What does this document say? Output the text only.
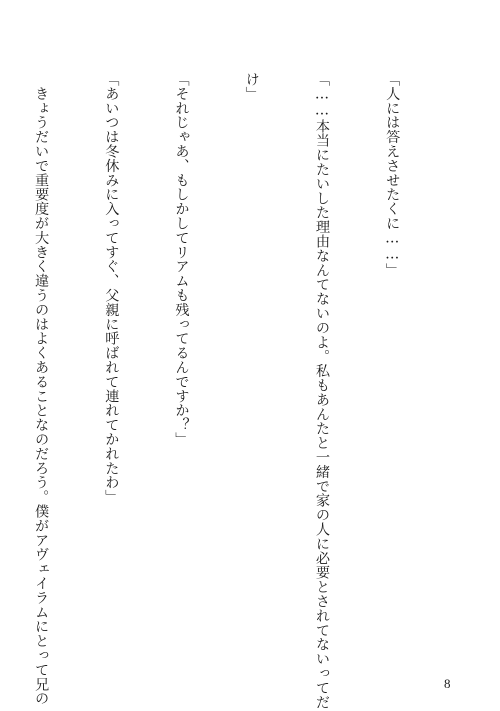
「人には答えさせたくに……」

「……本当にたいした理由なんてないのよ。私もあんたと一緒で家の人に必要とされてないってだ

け」

「それじゃあ、もしかしてリアムも残ってるんですか？」

「あいつは冬休みに入ってすぐ、父親に呼ばれて連れてかれたわ」

　きょうだいで重要度が大きく違うのはよくあることなのだろう。僕がアヴェイラムにとって兄の

	8
